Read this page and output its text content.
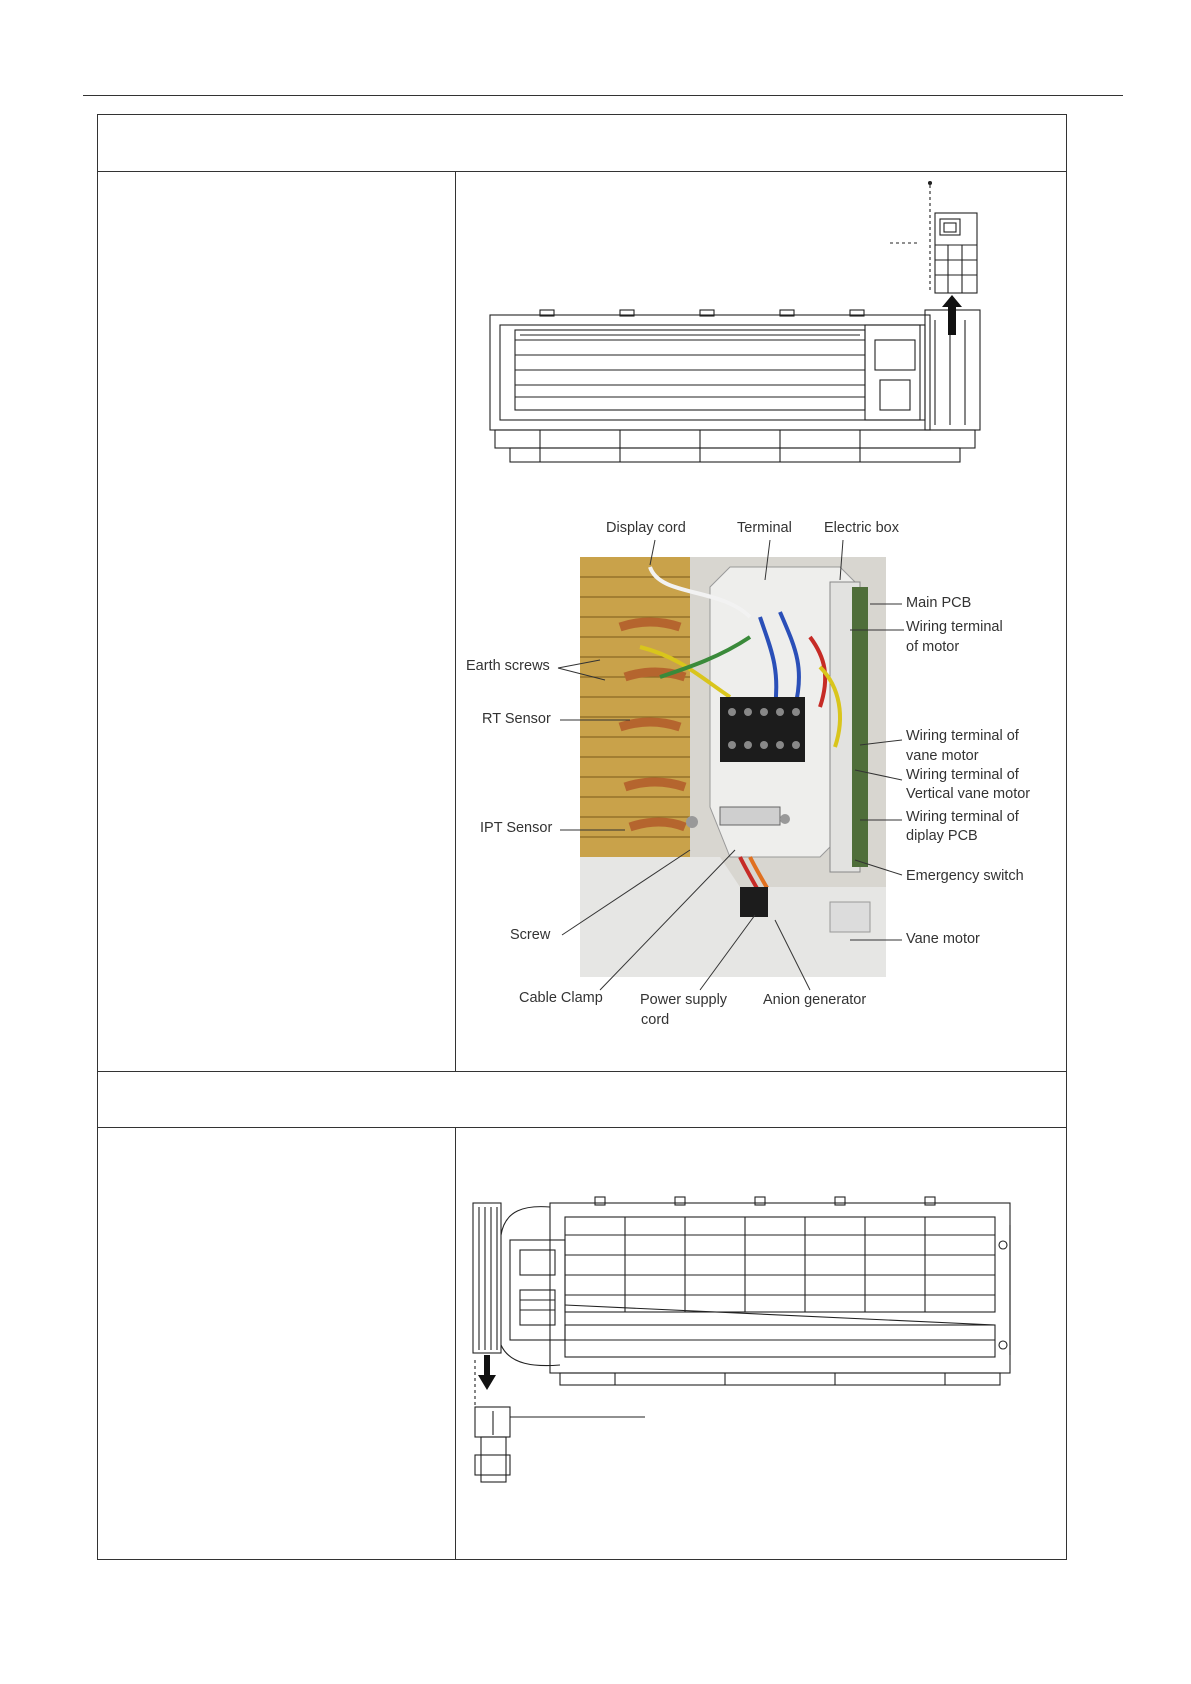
Display cord	Terminal Electric box
Main PCB
Wiring terminal
of motor
Earth screws
RT Sensor
Wiring terminal of
vane motor
Wiring terminal of
Vertical vane motor
IPT Sensor
Wiring terminal of
diplay PCB
Emergency switch
Screw	Vane motor
Cable Clamp	Power supply
cord
Anion generator
